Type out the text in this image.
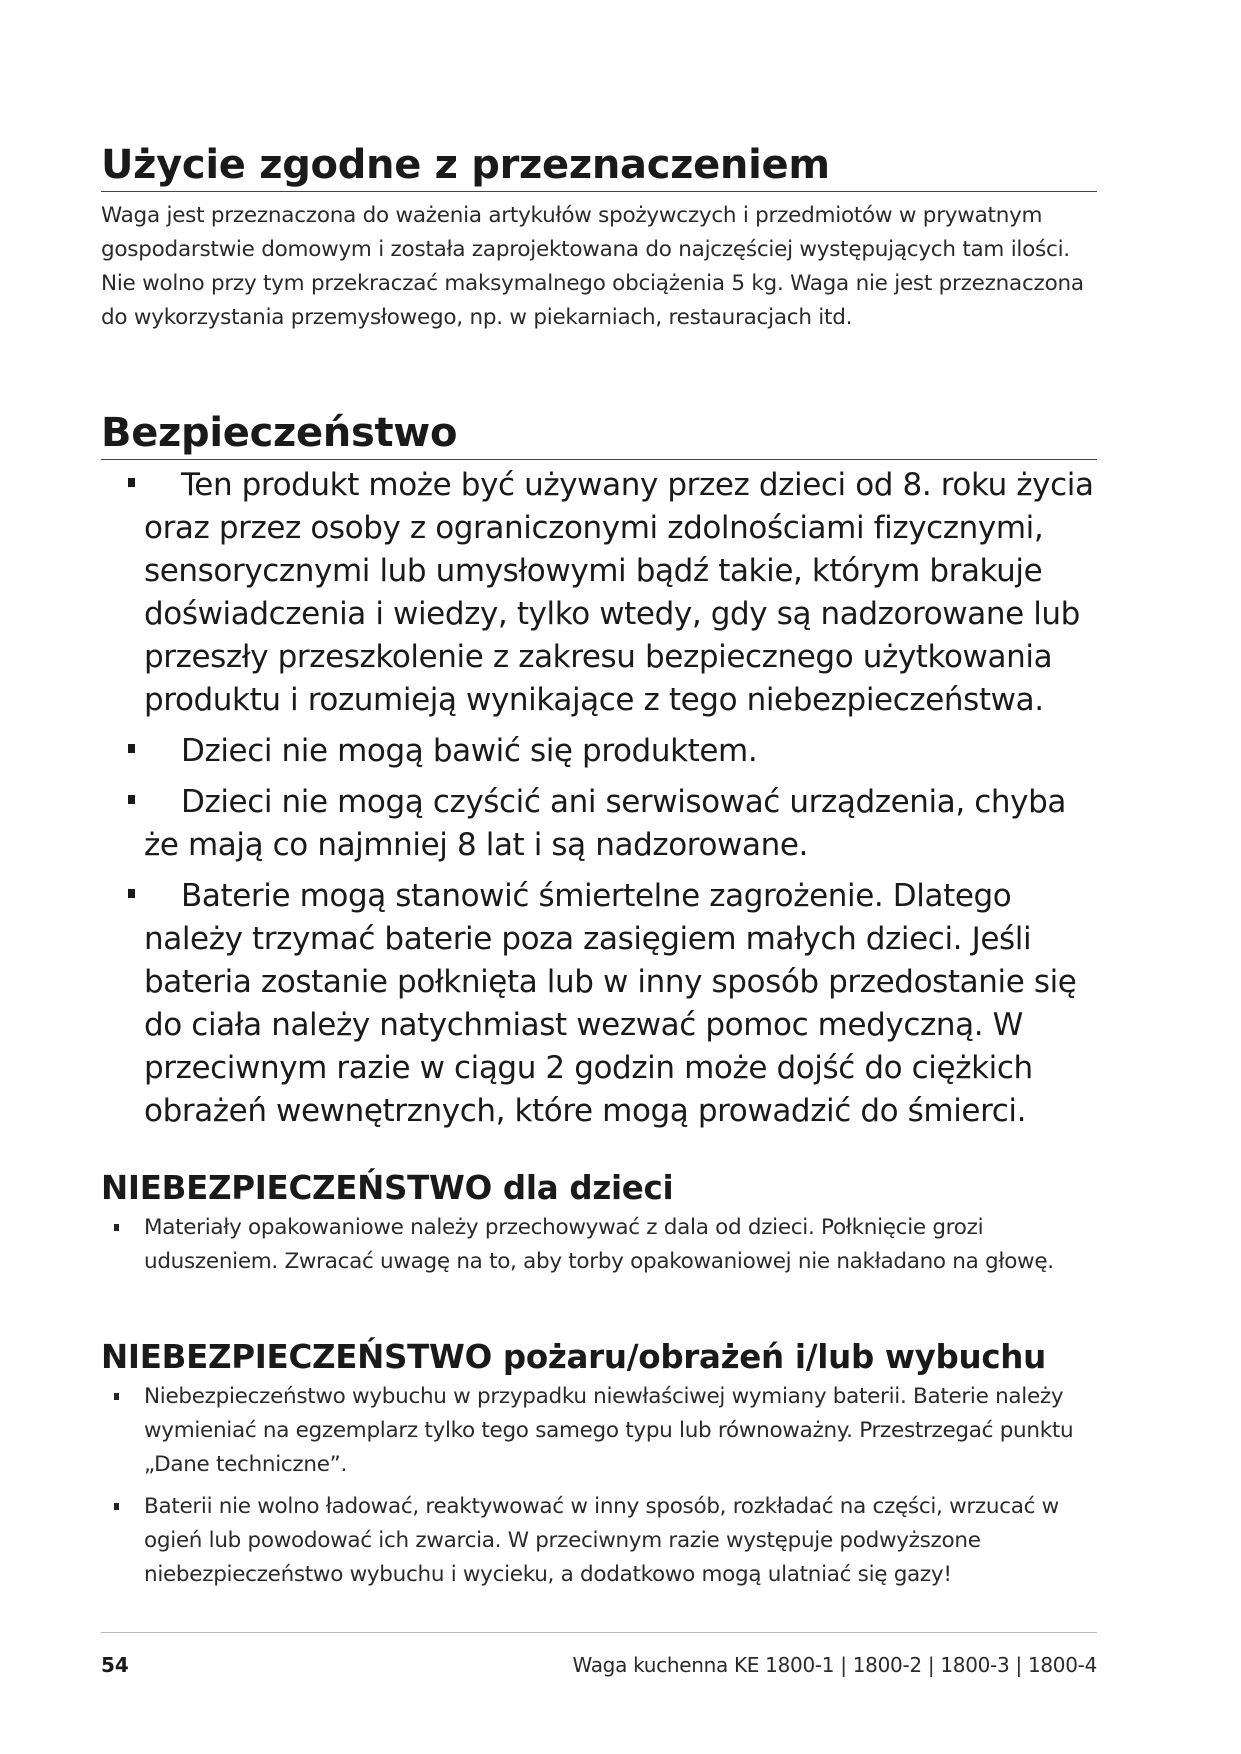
Użycie zgodne z przeznaczeniem
Waga jest przeznaczona do ważenia artykułów spożywczych i przedmiotów w prywatnym gospodarstwie domowym i została zaprojektowana do najczęściej występujących tam ilości. Nie wolno przy tym przekraczać maksymalnego obciążenia 5 kg. Waga nie jest przeznaczona do wykorzystania przemysłowego, np. w piekarniach, restauracjach itd.
Bezpieczeństwo
Ten produkt może być używany przez dzieci od 8. roku życia oraz przez osoby z ograniczonymi zdolnościami fizycznymi, sensorycznymi lub umysłowymi bądź takie, którym brakuje doświadczenia i wiedzy, tylko wtedy, gdy są nadzorowane lub przeszły przeszkolenie z zakresu bezpiecznego użytkowania produktu i rozumieją wynikające z tego niebezpieczeństwa.
Dzieci nie mogą bawić się produktem.
Dzieci nie mogą czyścić ani serwisować urządzenia, chyba że mają co najmniej 8 lat i są nadzorowane.
Baterie mogą stanowić śmiertelne zagrożenie. Dlatego należy trzymać baterie poza zasięgiem małych dzieci. Jeśli bateria zostanie połknięta lub w inny sposób przedostanie się do ciała należy natychmiast wezwać pomoc medyczną. W przeciwnym razie w ciągu 2 godzin może dojść do ciężkich obrażeń wewnętrznych, które mogą prowadzić do śmierci.
NIEBEZPIECZEŃSTWO dla dzieci
Materiały opakowaniowe należy przechowywać z dala od dzieci. Połknięcie grozi uduszeniem. Zwracać uwagę na to, aby torby opakowaniowej nie nakładano na głowę.
NIEBEZPIECZEŃSTWO pożaru/obrażeń i/lub wybuchu
Niebezpieczeństwo wybuchu w przypadku niewłaściwej wymiany baterii. Baterie należy wymieniać na egzemplarz tylko tego samego typu lub równoważny. Przestrzegać punktu „Dane techniczne”.
Baterii nie wolno ładować, reaktywować w inny sposób, rozkładać na części, wrzucać w ogień lub powodować ich zwarcia. W przeciwnym razie występuje podwyższone niebezpieczeństwo wybuchu i wycieku, a dodatkowo mogą ulatniać się gazy!
54	Waga kuchenna KE 1800-1 | 1800-2 | 1800-3 | 1800-4
